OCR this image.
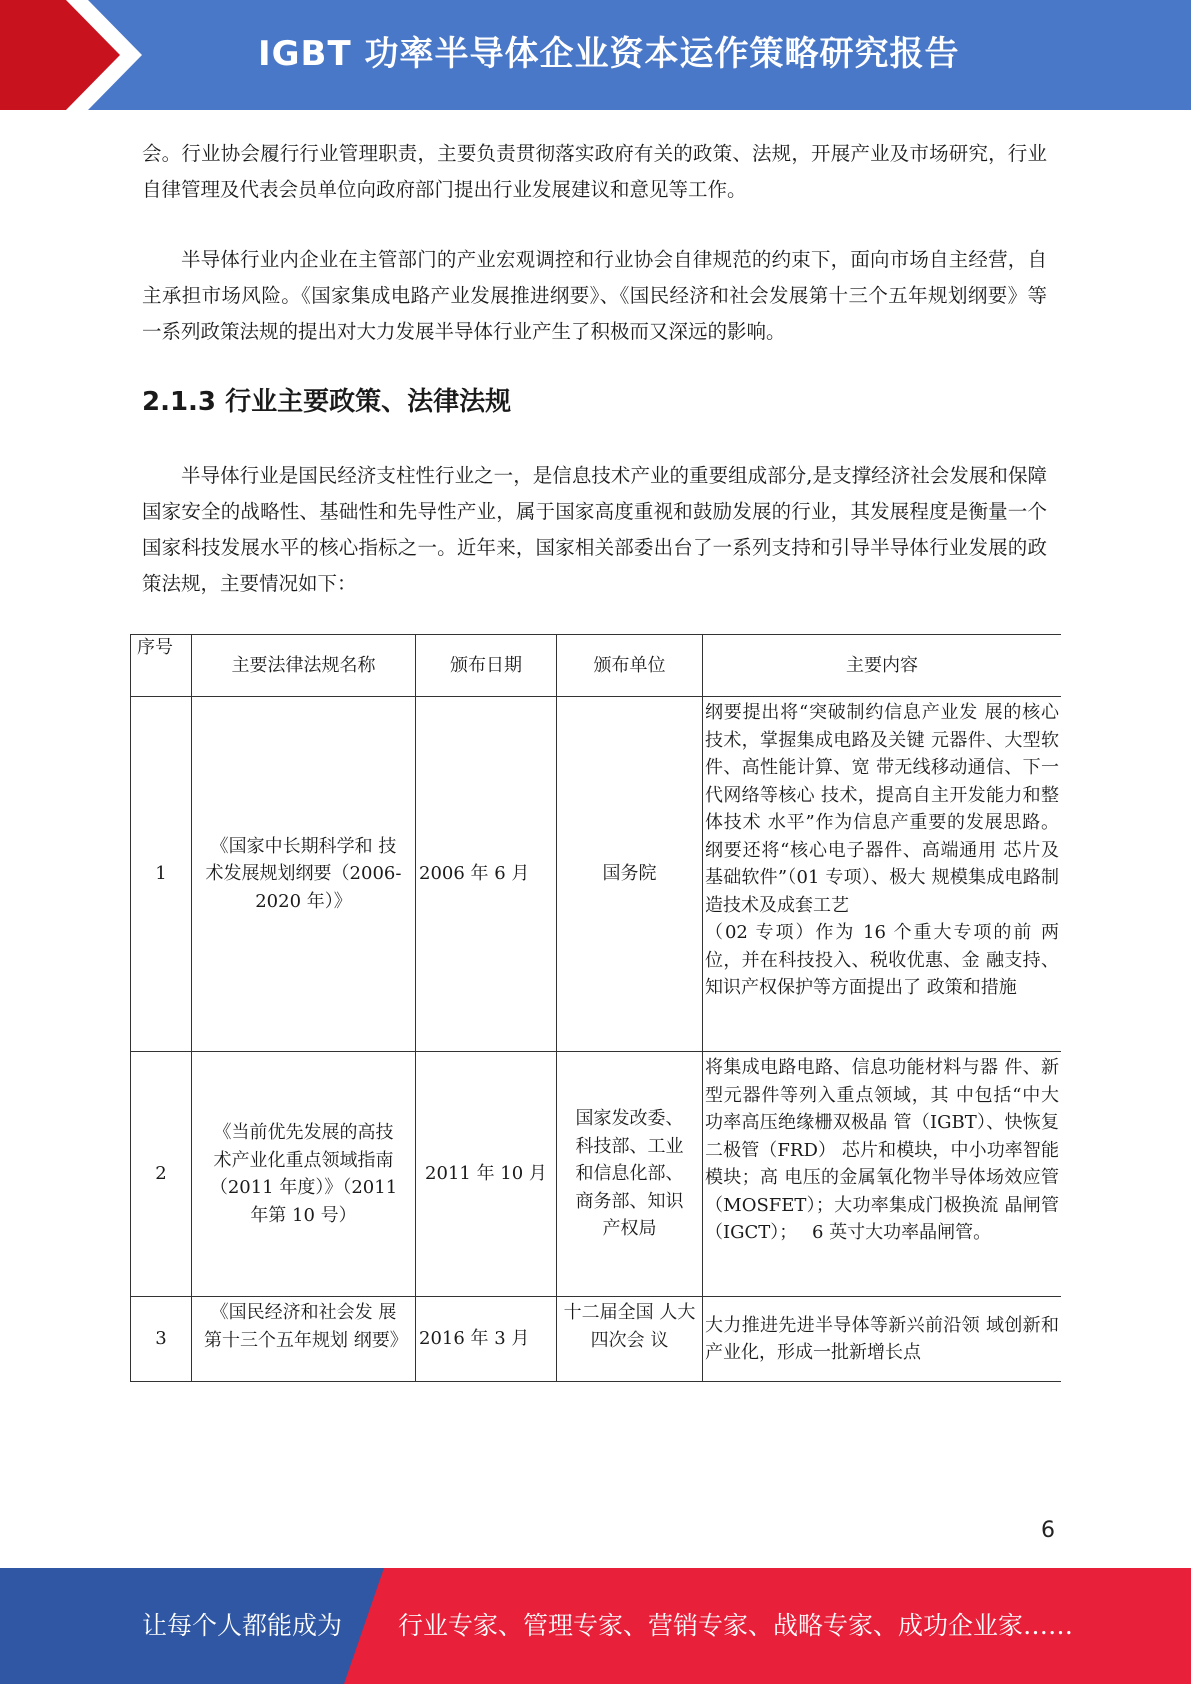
IGBT 功率半导体企业资本运作策略研究报告

会。行业协会履行行业管理职责，主要负责贯彻落实政府有关的政策、法规，开展产业及市场研究，行业自律管理及代表会员单位向政府部门提出行业发展建议和意见等工作。

半导体行业内企业在主管部门的产业宏观调控和行业协会自律规范的约束下，面向市场自主经营，自主承担市场风险。《国家集成电路产业发展推进纲要》、《国民经济和社会发展第十三个五年规划纲要》等一系列政策法规的提出对大力发展半导体行业产生了积极而又深远的影响。

2.1.3 行业主要政策、法律法规

半导体行业是国民经济支柱性行业之一，是信息技术产业的重要组成部分,是支撑经济社会发展和保障国家安全的战略性、基础性和先导性产业，属于国家高度重视和鼓励发展的行业，其发展程度是衡量一个国家科技发展水平的核心指标之一。近年来，国家相关部委出台了一系列支持和引导半导体行业发展的政策法规，主要情况如下：

序号	主要法律法规名称	颁布日期	颁布单位	主要内容
1	《国家中长期科学和 技术发展规划纲要（2006-2020 年）》	2006 年 6 月	国务院	纲要提出将“突破制约信息产业发 展的核心技术，掌握集成电路及关键 元器件、大型软件、高性能计算、宽 带无线移动通信、下一代网络等核心 技术，提高自主开发能力和整体技术 水平”作为信息产重要的发展思路。 纲要还将“核心电子器件、高端通用 芯片及基础软件”（01 专项）、极大 规模集成电路制造技术及成套工艺
（02 专项）作为 16 个重大专项的前 两位，并在科技投入、税收优惠、金 融支持、知识产权保护等方面提出了 政策和措施

2	《当前优先发展的高技术产业化重点领域指南（2011 年度）》（2011 年第 10 号）	2011 年 10 月	国家发改委、科技部、工业和信息化部、商务部、知识产权局	将集成电路电路、信息功能材料与器 件、新型元器件等列入重点领域，其 中包括“中大功率高压绝缘栅双极晶 管（IGBT）、快恢复二极管（FRD） 芯片和模块，中小功率智能模块；高 电压的金属氧化物半导体场效应管 （MOSFET）；大功率集成门极换流 晶闸管（IGCT）；　 6 英寸大功率晶闸管。

3	《国民经济和社会发 展第十三个五年规划 纲要》	2016 年 3 月	十二届全国 人大四次会 议	大力推进先进半导体等新兴前沿领 域创新和产业化，形成一批新增长点
6
让每个人都能成为 行业专家、管理专家、营销专家、战略专家、成功企业家……
